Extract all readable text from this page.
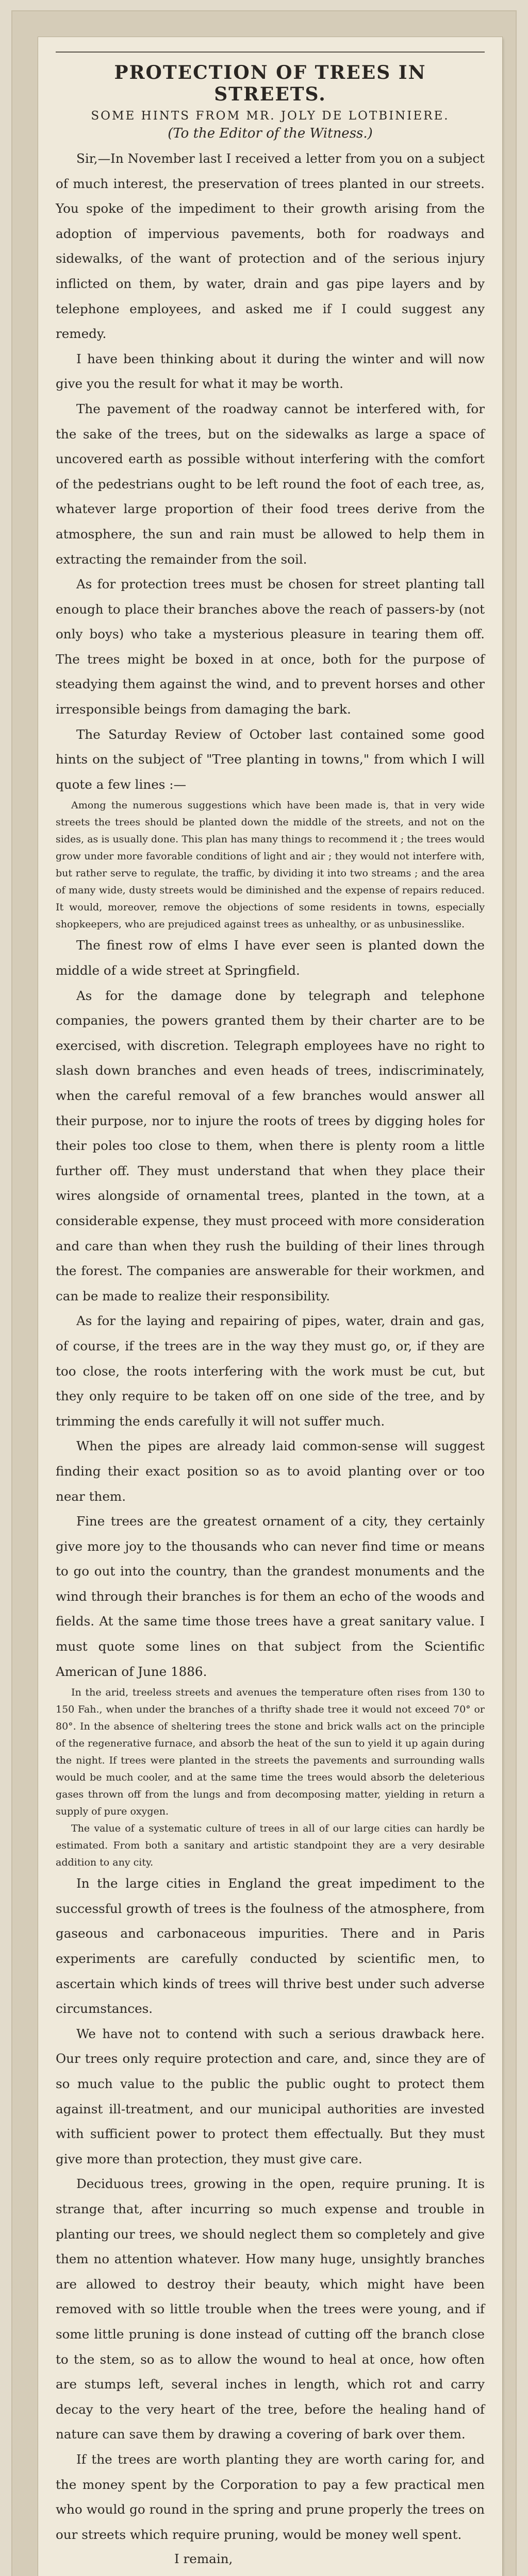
PROTECTION OF TREES IN STREETS.

SOME HINTS FROM MR. JOLY DE LOTBINIERE.

(To the Editor of the Witness.)

Sir,—In November last I received a letter from you on a subject of much interest, the preservation of trees planted in our streets. You spoke of the impediment to their growth arising from the adoption of impervious pavements, both for roadways and sidewalks, of the want of protection and of the serious injury inflicted on them, by water, drain and gas pipe layers and by telephone employees, and asked me if I could suggest any remedy.

I have been thinking about it during the winter and will now give you the result for what it may be worth.

The pavement of the roadway cannot be interfered with, for the sake of the trees, but on the sidewalks as large a space of uncovered earth as possible without interfering with the comfort of the pedestrians ought to be left round the foot of each tree, as, whatever large proportion of their food trees derive from the atmosphere, the sun and rain must be allowed to help them in extracting the remainder from the soil.

As for protection trees must be chosen for street planting tall enough to place their branches above the reach of passers-by (not only boys) who take a mysterious pleasure in tearing them off. The trees might be boxed in at once, both for the purpose of steadying them against the wind, and to prevent horses and other irresponsible beings from damaging the bark.

The Saturday Review of October last contained some good hints on the subject of "Tree planting in towns," from which I will quote a few lines :—

Among the numerous suggestions which have been made is, that in very wide streets the trees should be planted down the middle of the streets, and not on the sides, as is usually done. This plan has many things to recommend it ; the trees would grow under more favorable conditions of light and air ; they would not interfere with, but rather serve to regulate, the traffic, by dividing it into two streams ; and the area of many wide, dusty streets would be diminished and the expense of repairs reduced. It would, moreover, remove the objections of some residents in towns, especially shopkeepers, who are prejudiced against trees as unhealthy, or as unbusinesslike.

The finest row of elms I have ever seen is planted down the middle of a wide street at Springfield.

As for the damage done by telegraph and telephone companies, the powers granted them by their charter are to be exercised, with discretion. Telegraph employees have no right to slash down branches and even heads of trees, indiscriminately, when the careful removal of a few branches would answer all their purpose, nor to injure the roots of trees by digging holes for their poles too close to them, when there is plenty room a little further off. They must understand that when they place their wires alongside of ornamental trees, planted in the town, at a considerable expense, they must proceed with more consideration and care than when they rush the building of their lines through the forest. The companies are answerable for their workmen, and can be made to realize their responsibility.

As for the laying and repairing of pipes, water, drain and gas, of course, if the trees are in the way they must go, or, if they are too close, the roots interfering with the work must be cut, but they only require to be taken off on one side of the tree, and by trimming the ends carefully it will not suffer much.

When the pipes are already laid common-sense will suggest finding their exact position so as to avoid planting over or too near them.

Fine trees are the greatest ornament of a city, they certainly give more joy to the thousands who can never find time or means to go out into the country, than the grandest monuments and the wind through their branches is for them an echo of the woods and fields. At the same time those trees have a great sanitary value. I must quote some lines on that subject from the Scientific American of June 1886.

In the arid, treeless streets and avenues the temperature often rises from 130 to 150 Fah., when under the branches of a thrifty shade tree it would not exceed 70° or 80°. In the absence of sheltering trees the stone and brick walls act on the principle of the regenerative furnace, and absorb the heat of the sun to yield it up again during the night. If trees were planted in the streets the pavements and surrounding walls would be much cooler, and at the same time the trees would absorb the deleterious gases thrown off from the lungs and from decomposing matter, yielding in return a supply of pure oxygen.

The value of a systematic culture of trees in all of our large cities can hardly be estimated. From both a sanitary and artistic standpoint they are a very desirable addition to any city.

In the large cities in England the great impediment to the successful growth of trees is the foulness of the atmosphere, from gaseous and carbonaceous impurities. There and in Paris experiments are carefully conducted by scientific men, to ascertain which kinds of trees will thrive best under such adverse circumstances.

We have not to contend with such a serious drawback here. Our trees only require protection and care, and, since they are of so much value to the public the public ought to protect them against ill-treatment, and our municipal authorities are invested with sufficient power to protect them effectually. But they must give more than protection, they must give care.

Deciduous trees, growing in the open, require pruning. It is strange that, after incurring so much expense and trouble in planting our trees, we should neglect them so completely and give them no attention whatever. How many huge, unsightly branches are allowed to destroy their beauty, which might have been removed with so little trouble when the trees were young, and if some little pruning is done instead of cutting off the branch close to the stem, so as to allow the wound to heal at once, how often are stumps left, several inches in length, which rot and carry decay to the very heart of the tree, before the healing hand of nature can save them by drawing a covering of bark over them.

If the trees are worth planting they are worth caring for, and the money spent by the Corporation to pay a few practical men who would go round in the spring and prune properly the trees on our streets which require pruning, would be money well spent.

I remain,
